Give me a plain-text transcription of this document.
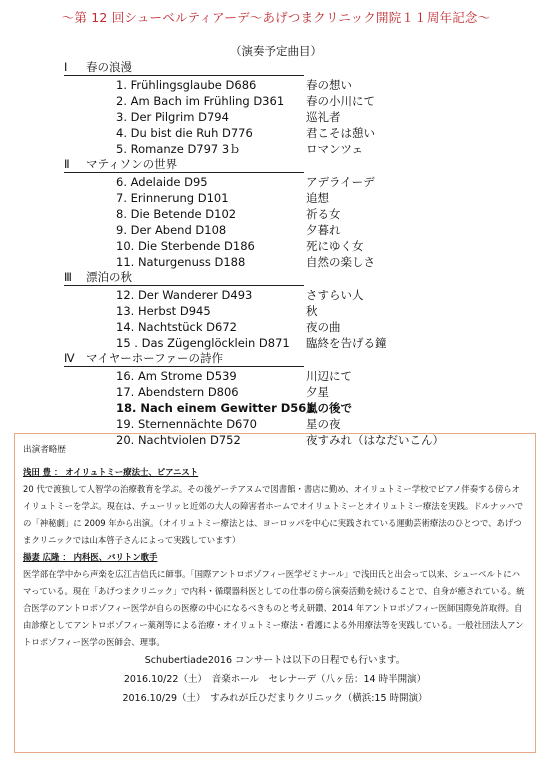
～第 12 回シューベルティアーデ～あげつまクリニック開院１１周年記念～
（演奏予定曲目）
Ⅰ 春の浪漫
1. Frühlingsglaube D686	春の想い
2. Am Bach im Frühling D361 春の小川にて
3. Der Pilgrim D794	巡礼者
4. Du bist die Ruh D776	君こそは憩い
5. Romanze D797 3ｂ	ロマンツェ
Ⅱ マティソンの世界
6. Adelaide D95	アデライーデ
7. Erinnerung D101	追想
8. Die Betende D102	祈る女
9. Der Abend D108	夕暮れ
10. Die Sterbende D186	死にゆく女
11. Naturgenuss D188	自然の楽しさ
Ⅲ 漂泊の秋
12. Der Wanderer D493	さすらい人
13. Herbst D945	秋
14. Nachtstück D672	夜の曲
15 . Das Zügenglöcklein D871 臨終を告げる鐘
Ⅳ マイヤーホーファーの詩作
16. Am Strome D539	川辺にて
17. Abendstern D806	夕星
18. Nach einem Gewitter D561
嵐の後で
19. Sternennächte D670	星の夜
20. Nachtviolen D752	夜すみれ（はなだいこん）
出演者略歴
浅田 豊 ： オイリュトミー療法士、ピアニスト
20 代で渡独して人智学の治療教育を学ぶ。その後ゲーテアヌムで図書館・書店に勤め、オイリュトミー学校でピアノ伴奏する傍らオイリュトミーを学ぶ。現在は、チューリッヒ近郊の大人の障害者ホームでオイリュトミーとオイリュトミー療法を実践。ドルナッハでの「神秘劇」に 2009 年から出演。（オイリュトミー療法とは、ヨーロッパを中心に実践されている運動芸術療法のひとつで、あげつまクリニックでは山本啓子さんによって実践しています）
揚妻 広隆 ： 内科医、バリトン歌手
医学部在学中から声楽を広江吉信氏に師事。「国際アントロポゾフィー医学ゼミナール」で浅田氏と出会って以来、シューベルトにハマっている。現在「あげつまクリニック」で内科・循環器科医としての仕事の傍ら演奏活動を続けることで、自身が癒されている。統合医学のアントロポゾフィー医学が自らの医療の中心になるべきものと考え研鑽、2014 年アントロポゾフィー医師国際免許取得。自由診療としてアントロポゾフィー薬剤等による治療・オイリュトミー療法・看護による外用療法等を実践している。一般社団法人アントロポゾフィー医学の医師会、理事。
Schubertiade2016 コンサートは以下の日程でも行います。
2016.10/22（土）　音楽ホール　セレナーデ（八ヶ岳：14 時半開演）
2016.10/29（土）　すみれが丘ひだまりクリニック（横浜:15 時開演）
